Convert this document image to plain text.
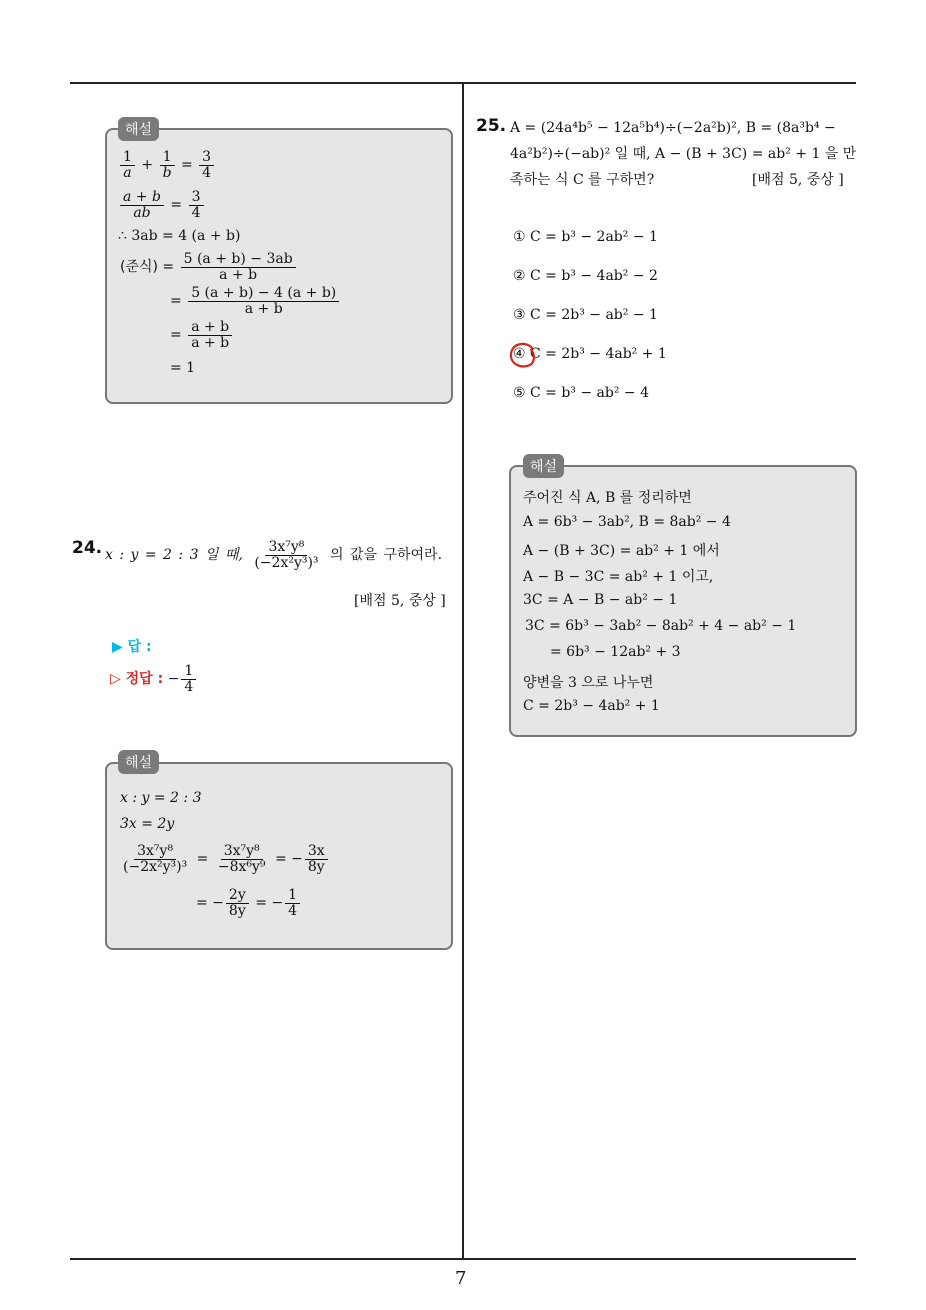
7
해설
$\frac{1}{a} + \frac{1}{b} = \frac{3}{4}$
$\frac{a + b}{ab} = \frac{3}{4}$
∴ 3ab = 4 (a + b)
(준식) = $\frac{5 (a + b) - 3ab}{a + b}$
= $\frac{5 (a + b) - 4 (a + b)}{a + b}$
= $\frac{a + b}{a + b}$
= 1
24. x : y = 2 : 3 일 때, $\frac{\text{3x⁷y⁸}}{\text{(−2x²y³)³}}$ 의 값을 구하여라.
[배점 5, 중상 ]
▶ 답 :
▷ 정답 : − $\frac{1}{4}$
해설
x : y = 2 : 3
3x = 2y
$\frac{\text{3x⁷y⁸}}{\text{(−2x²y³)³}} = \frac{\text{3x⁷y⁸}}{\text{−8x⁶y⁹}}$ = − $\frac{3x}{8y}$
= − $\frac{2y}{8y}$ = − $\frac{1}{4}$
25. A = (24a⁴b⁵ − 12a⁵b⁴)÷(−2a²b)², B = (8a³b⁴ −
4a²b²)÷(−ab)² 일 때, A − (B + 3C) = ab² + 1 을 만
족하는 식 C 를 구하면?	[배점 5, 중상 ]
① C = b³ − 2ab² − 1
② C = b³ − 4ab² − 2
③ C = 2b³ − ab² − 1
④ C = 2b³ − 4ab² + 1
⑤ C = b³ − ab² − 4
해설
주어진 식 A, B 를 정리하면
A = 6b³ − 3ab², B = 8ab² − 4
A − (B + 3C) = ab² + 1 에서
A − B − 3C = ab² + 1 이고,
3C = A − B − ab² − 1
3C = 6b³ − 3ab² − 8ab² + 4 − ab² − 1
= 6b³ − 12ab² + 3
양변을 3 으로 나누면
C = 2b³ − 4ab² + 1
